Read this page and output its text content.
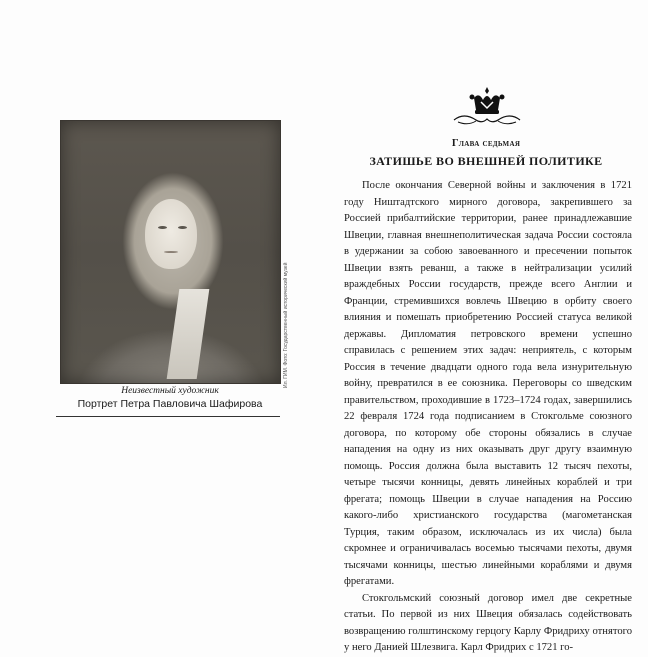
Ил. ГИМ. Фото: Государственный исторический музей
Неизвестный художник
Портрет Петра Павловича Шафирова
Глава седьмая
ЗАТИШЬЕ ВО ВНЕШНЕЙ ПОЛИТИКЕ

После окончания Северной войны и заключения в 1721 году Ништадтского мирного договора, закрепившего за Россией прибалтийские территории, ранее принадлежавшие Швеции, главная внешнеполитическая задача России состояла в удержании за собою завоеванного и пресечении попыток Швеции взять реванш, а также в нейтрализации усилий враждебных России государств, прежде всего Англии и Франции, стремившихся вовлечь Швецию в орбиту своего влияния и помешать приобретению Россией статуса великой державы. Дипломатия петровского времени успешно справилась с решением этих задач: неприятель, с которым Россия в течение двадцати одного года вела изнурительную войну, превратился в ее союзника. Переговоры со шведским правительством, проходившие в 1723–1724 годах, завершились 22 февраля 1724 года подписанием в Стокгольме союзного договора, по которому обе стороны обязались в случае нападения на одну из них оказывать друг другу взаимную помощь. Россия должна была выставить 12 тысяч пехоты, четыре тысячи конницы, девять линейных кораблей и три фрегата; помощь Швеции в случае нападения на Россию какого-либо христианского государства (магометанская Турция, таким образом, исключалась из их числа) была скромнее и ограничивалась восемью тысячами пехоты, двумя тысячами конницы, шестью линейными кораблями и двумя фрегатами.

Стокгольмский союзный договор имел две секретные статьи. По первой из них Швеция обязалась содействовать возвращению голштинскому герцогу Карлу Фридриху отнятого у него Данией Шлезвига. Карл Фридрих с 1721 го-
